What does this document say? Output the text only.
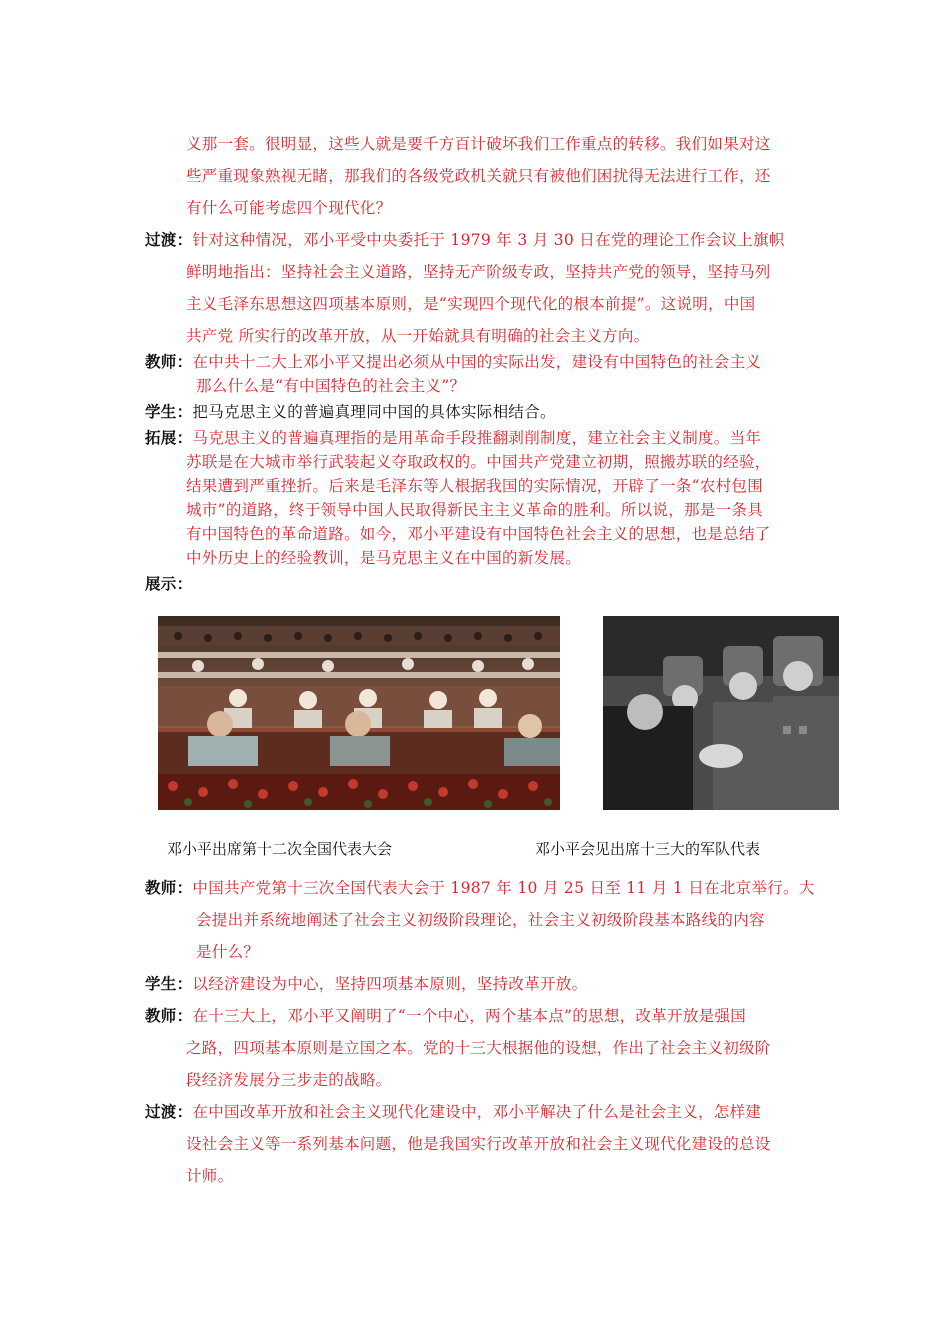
义那一套。很明显，这些人就是要千方百计破坏我们工作重点的转移。我们如果对这
些严重现象熟视无睹，那我们的各级党政机关就只有被他们困扰得无法进行工作，还
有什么可能考虑四个现代化？
过渡：针对这种情况，邓小平受中央委托于 1979 年 3 月 30 日在党的理论工作会议上旗帜
鲜明地指出：坚持社会主义道路，坚持无产阶级专政，坚持共产党的领导，坚持马列
主义毛泽东思想这四项基本原则，是“实现四个现代化的根本前提”。这说明，中国
共产党 所实行的改革开放，从一开始就具有明确的社会主义方向。
教师：在中共十二大上邓小平又提出必须从中国的实际出发，建设有中国特色的社会主义
那么什么是“有中国特色的社会主义”？
学生：把马克思主义的普遍真理同中国的具体实际相结合。
拓展：马克思主义的普遍真理指的是用革命手段推翻剥削制度，建立社会主义制度。当年
苏联是在大城市举行武装起义夺取政权的。中国共产党建立初期，照搬苏联的经验，
结果遭到严重挫折。后来是毛泽东等人根据我国的实际情况，开辟了一条“农村包围
城市”的道路，终于领导中国人民取得新民主主义革命的胜利。所以说，那是一条具
有中国特色的革命道路。如今，邓小平建设有中国特色社会主义的思想，也是总结了
中外历史上的经验教训，是马克思主义在中国的新发展。
展示：
教师：中国共产党第十三次全国代表大会于 1987 年 10 月 25 日至 11 月 1 日在北京举行。大
会提出并系统地阐述了社会主义初级阶段理论，社会主义初级阶段基本路线的内容
是什么？
学生：以经济建设为中心，坚持四项基本原则，坚持改革开放。
教师：在十三大上，邓小平又阐明了“一个中心，两个基本点”的思想，改革开放是强国
之路，四项基本原则是立国之本。党的十三大根据他的设想，作出了社会主义初级阶
段经济发展分三步走的战略。
过渡：在中国改革开放和社会主义现代化建设中，邓小平解决了什么是社会主义，怎样建
设社会主义等一系列基本问题，他是我国实行改革开放和社会主义现代化建设的总设
计师。
邓小平出席第十二次全国代表大会	邓小平会见出席十三大的军队代表
